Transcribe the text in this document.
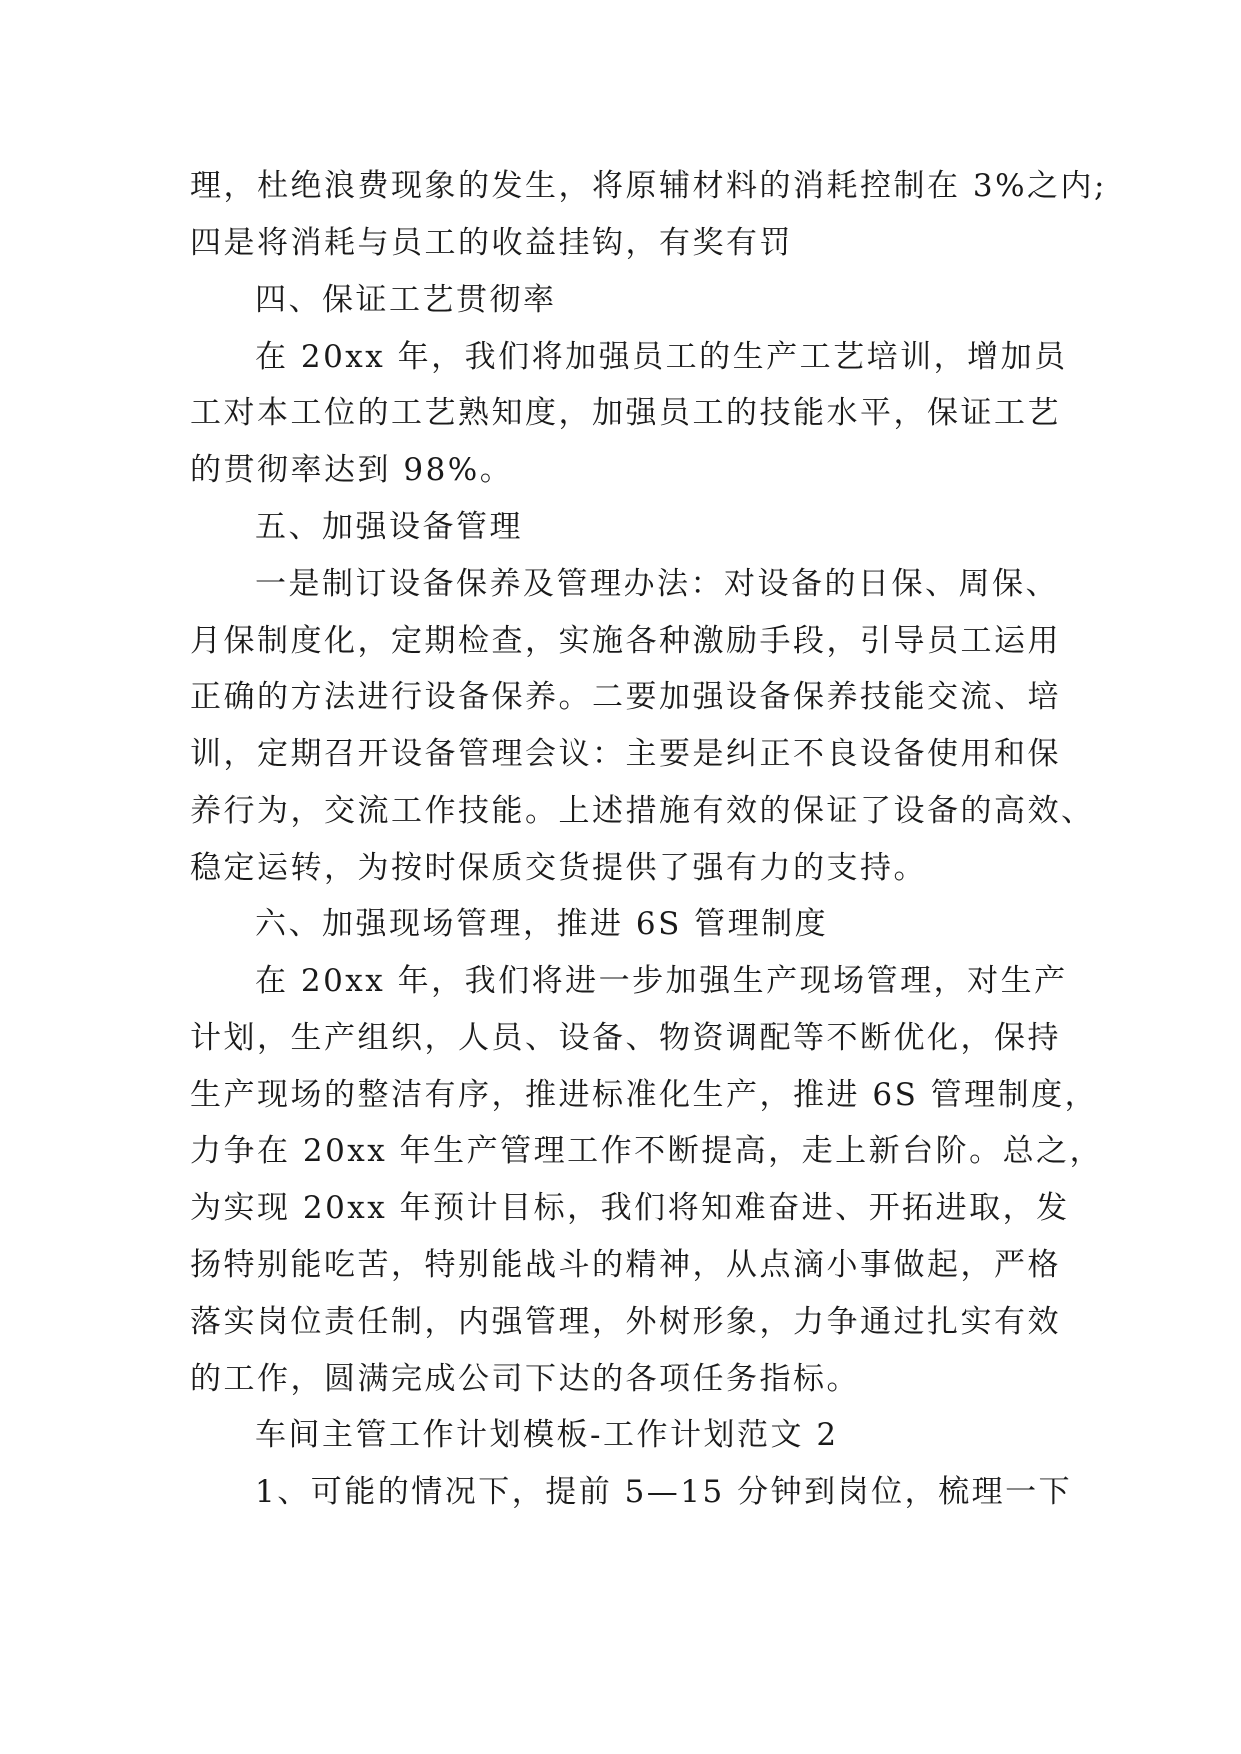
理，杜绝浪费现象的发生，将原辅材料的消耗控制在 3%之内;

四是将消耗与员工的收益挂钩，有奖有罚

四、保证工艺贯彻率

在 20xx 年，我们将加强员工的生产工艺培训，增加员

工对本工位的工艺熟知度，加强员工的技能水平，保证工艺

的贯彻率达到 98%。

五、加强设备管理

一是制订设备保养及管理办法：对设备的日保、周保、

月保制度化，定期检查，实施各种激励手段，引导员工运用

正确的方法进行设备保养。二要加强设备保养技能交流、培

训，定期召开设备管理会议：主要是纠正不良设备使用和保

养行为，交流工作技能。上述措施有效的保证了设备的高效、

稳定运转，为按时保质交货提供了强有力的支持。

六、加强现场管理，推进 6S 管理制度

在 20xx 年，我们将进一步加强生产现场管理，对生产

计划，生产组织，人员、设备、物资调配等不断优化，保持

生产现场的整洁有序，推进标准化生产，推进 6S 管理制度，

力争在 20xx 年生产管理工作不断提高，走上新台阶。总之，

为实现 20xx 年预计目标，我们将知难奋进、开拓进取，发

扬特别能吃苦，特别能战斗的精神，从点滴小事做起，严格

落实岗位责任制，内强管理，外树形象，力争通过扎实有效

的工作，圆满完成公司下达的各项任务指标。

车间主管工作计划模板-工作计划范文 2

1、可能的情况下，提前 5—15 分钟到岗位，梳理一下
